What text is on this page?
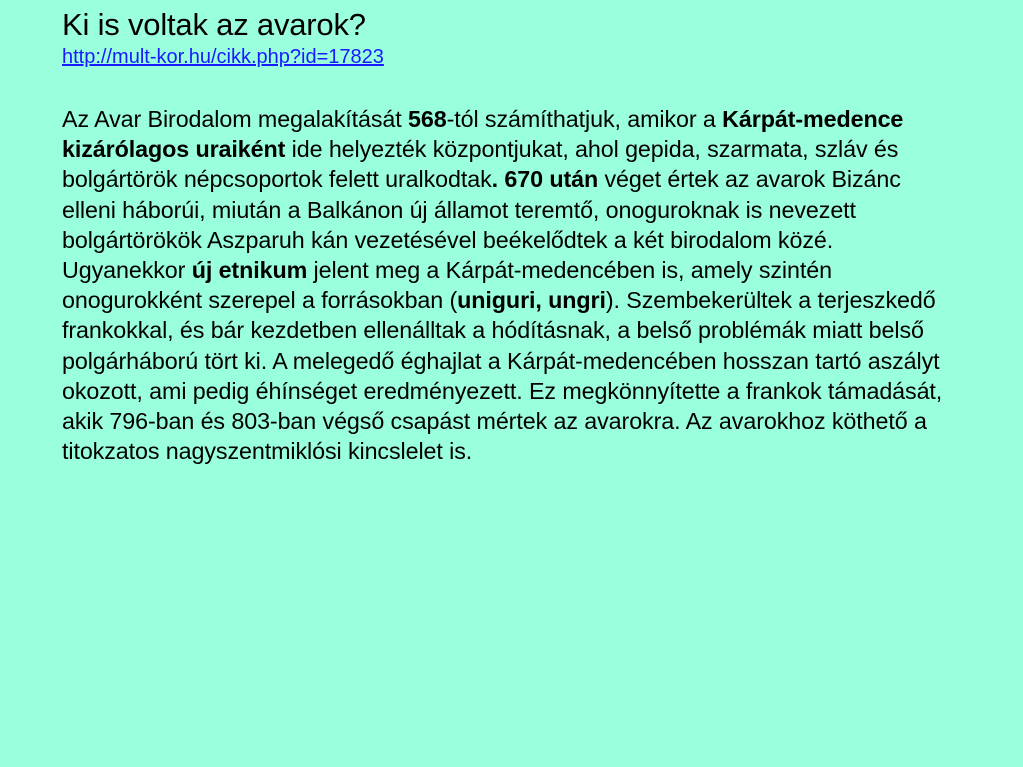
Ki is voltak az avarok?
http://mult-kor.hu/cikk.php?id=17823

Az Avar Birodalom megalakítását 568-tól számíthatjuk, amikor a Kárpát-medence kizárólagos uraiként ide helyezték központjukat, ahol gepida, szarmata, szláv és bolgártörök népcsoportok felett uralkodtak. 670 után véget értek az avarok Bizánc elleni háborúi, miután a Balkánon új államot teremtő, onoguroknak is nevezett bolgártörökök Aszparuh kán vezetésével beékelődtek a két birodalom közé. Ugyanekkor új etnikum jelent meg a Kárpát-medencében is, amely szintén onogurokként szerepel a forrásokban (uniguri, ungri). Szembekerültek a terjeszkedő frankokkal, és bár kezdetben ellenálltak a hódításnak, a belső problémák miatt belső polgárháború tört ki. A melegedő éghajlat a Kárpát-medencében hosszan tartó aszályt okozott, ami pedig éhínséget eredményezett. Ez megkönnyítette a frankok támadását, akik 796-ban és 803-ban végső csapást mértek az avarokra. Az avarokhoz köthető a titokzatos nagyszentmiklósi kincslelet is.
